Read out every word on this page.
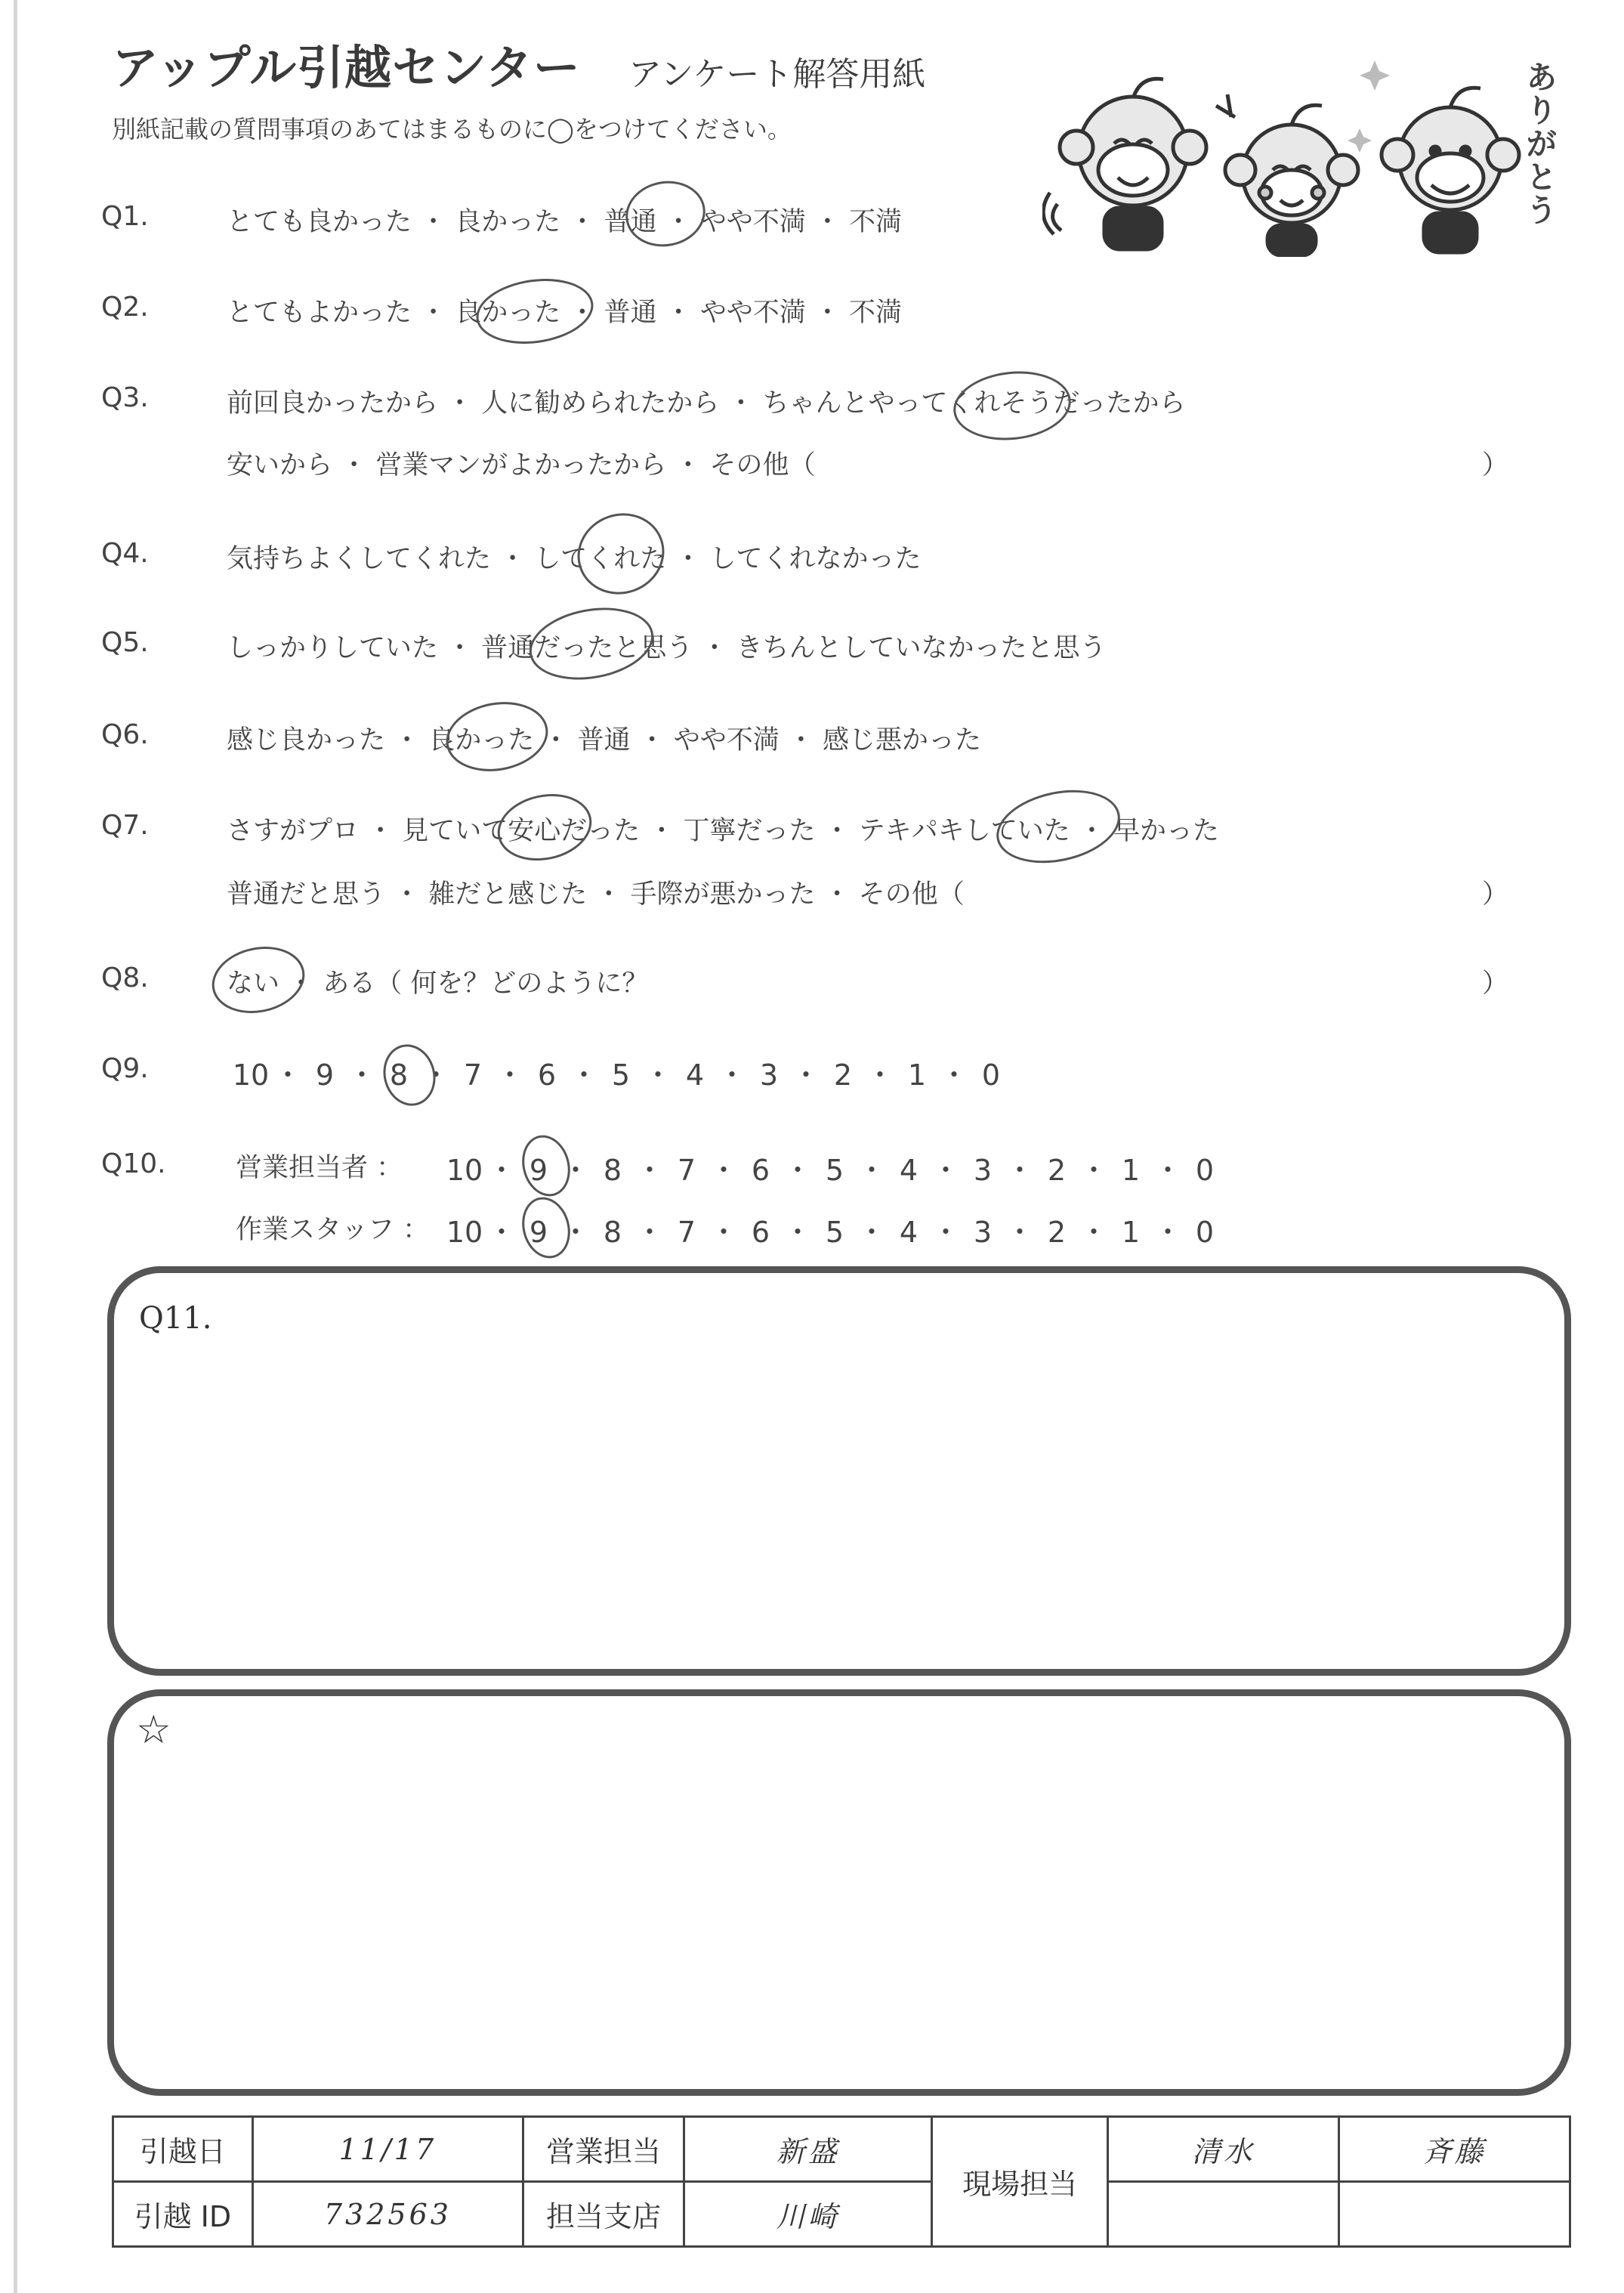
アップル引越センター アンケート解答用紙
別紙記載の質問事項のあてはまるものに◯をつけてください。	ありがとう
Q1.	とても良かった ・ 良かった ・ 普通 ・ やや不満 ・ 不満
Q2.	とてもよかった ・ 良かった ・ 普通 ・ やや不満 ・ 不満
Q3.	前回良かったから ・ 人に勧められたから ・ ちゃんとやってくれそうだったから
安いから ・ 営業マンがよかったから ・ その他（	）
Q4.	気持ちよくしてくれた ・ してくれた ・ してくれなかった
Q5.	しっかりしていた ・ 普通だったと思う ・ きちんとしていなかったと思う
Q6.	感じ良かった ・ 良かった ・ 普通 ・ やや不満 ・ 感じ悪かった
Q7.	さすがプロ ・ 見ていて安心だった ・ 丁寧だった ・ テキパキしていた ・ 早かった
普通だと思う ・ 雑だと感じた ・ 手際が悪かった ・ その他（	）
Q8.	ない ・ ある（ 何を？どのように？	）
Q9.	10 ・ 9 ・ 8 ・ 7 ・ 6 ・ 5 ・ 4 ・ 3 ・ 2 ・ 1 ・ 0
Q10.	営業担当者 ： 10 ・ 9 ・ 8 ・ 7 ・ 6 ・ 5 ・ 4 ・ 3 ・ 2 ・ 1 ・ 0
作業スタッフ ： 10 ・ 9 ・ 8 ・ 7 ・ 6 ・ 5 ・ 4 ・ 3 ・ 2 ・ 1 ・ 0
Q11.
☆
引越日	11/17	営業担当	新盛	現場担当	清水	斉藤
引越 ID	732563	担当支店	川崎			
